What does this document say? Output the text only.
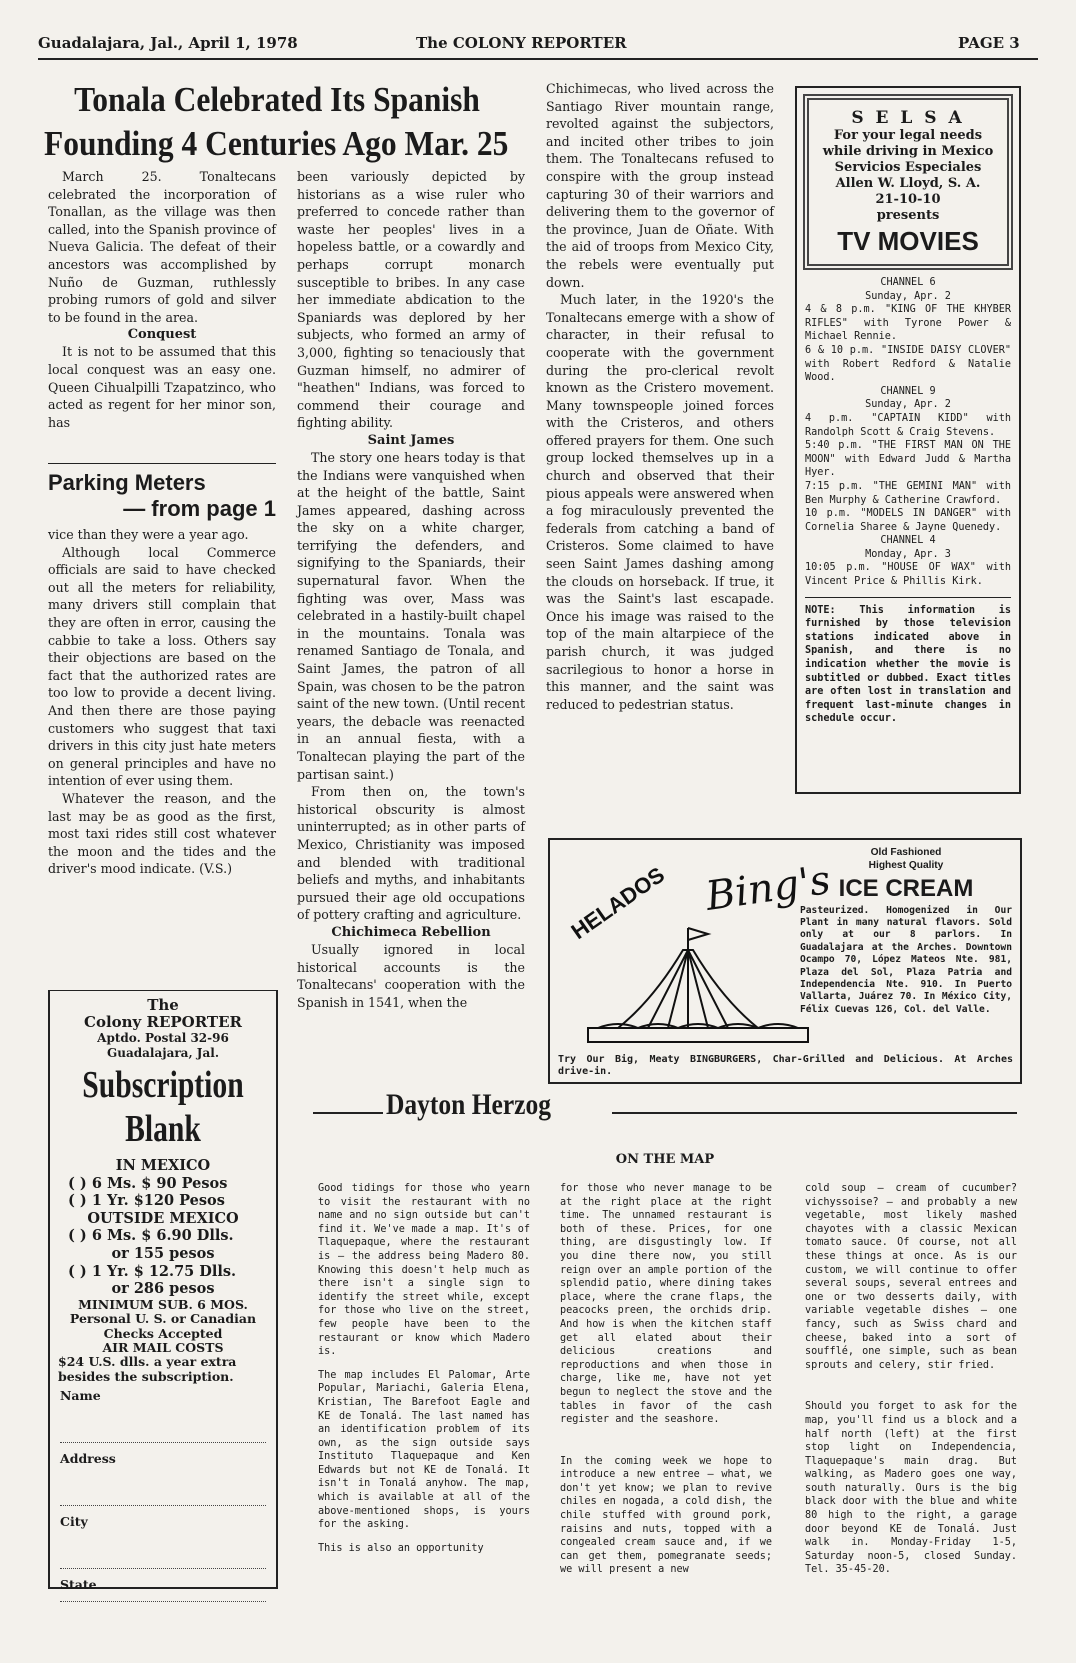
Guadalajara, Jal., April 1, 1978	The COLONY REPORTER	PAGE 3
Tonala Celebrated Its Spanish
Founding 4 Centuries Ago Mar. 25

March 25. Tonaltecans celebrated the incorporation of Tonallan, as the village was then called, into the Spanish province of Nueva Galicia. The defeat of their ancestors was accomplished by Nuño de Guzman, ruthlessly probing rumors of gold and silver to be found in the area.

Conquest

It is not to be assumed that this local conquest was an easy one. Queen Cihualpilli Tzapatzinco, who acted as regent for her minor son, has

Parking Meters

— from page 1

vice than they were a year ago.

Although local Commerce officials are said to have checked out all the meters for reliability, many drivers still complain that they are often in error, causing the cabbie to take a loss. Others say their objections are based on the fact that the authorized rates are too low to provide a decent living. And then there are those paying customers who suggest that taxi drivers in this city just hate meters on general principles and have no intention of ever using them.

Whatever the reason, and the last may be as good as the first, most taxi rides still cost whatever the moon and the tides and the driver's mood indicate. (V.S.)

The
Colony REPORTER
Aptdo. Postal 32-96
Guadalajara, Jal.
Subscription
Blank
IN MEXICO
( ) 6 Ms. $ 90 Pesos
( ) 1 Yr. $120 Pesos
OUTSIDE MEXICO
( ) 6 Ms. $ 6.90 Dlls.
or 155 pesos
( ) 1 Yr. $ 12.75 Dlls.
or 286 pesos
MINIMUM SUB. 6 MOS.
Personal U. S. or Canadian
Checks Accepted
AIR MAIL COSTS
$24 U.S. dlls. a year extra besides the subscription.
Name
Address
City
State

been variously depicted by historians as a wise ruler who preferred to concede rather than waste her peoples' lives in a hopeless battle, or a cowardly and perhaps corrupt monarch susceptible to bribes. In any case her immediate abdication to the Spaniards was deplored by her subjects, who formed an army of 3,000, fighting so tenaciously that Guzman himself, no admirer of "heathen" Indians, was forced to commend their courage and fighting ability.

Saint James

The story one hears today is that the Indians were vanquished when at the height of the battle, Saint James appeared, dashing across the sky on a white charger, terrifying the defenders, and signifying to the Spaniards, their supernatural favor. When the fighting was over, Mass was celebrated in a hastily-built chapel in the mountains. Tonala was renamed Santiago de Tonala, and Saint James, the patron of all Spain, was chosen to be the patron saint of the new town. (Until recent years, the debacle was reenacted in an annual fiesta, with a Tonaltecan playing the part of the partisan saint.)

From then on, the town's historical obscurity is almost uninterrupted; as in other parts of Mexico, Christianity was imposed and blended with traditional beliefs and myths, and inhabitants pursued their age old occupations of pottery crafting and agriculture.

Chichimeca Rebellion

Usually ignored in local historical accounts is the Tonaltecans' cooperation with the Spanish in 1541, when the

Chichimecas, who lived across the Santiago River mountain range, revolted against the subjectors, and incited other tribes to join them. The Tonaltecans refused to conspire with the group instead capturing 30 of their warriors and delivering them to the governor of the province, Juan de Oñate. With the aid of troops from Mexico City, the rebels were eventually put down.

Much later, in the 1920's the Tonaltecans emerge with a show of character, in their refusal to cooperate with the government during the pro-clerical revolt known as the Cristero movement. Many townspeople joined forces with the Cristeros, and others offered prayers for them. One such group locked themselves up in a church and observed that their pious appeals were answered when a fog miraculously prevented the federals from catching a band of Cristeros. Some claimed to have seen Saint James dashing among the clouds on horseback. If true, it was the Saint's last escapade. Once his image was raised to the top of the main altarpiece of the parish church, it was judged sacrilegious to honor a horse in this manner, and the saint was reduced to pedestrian status.

S E L S A
For your legal needs
while driving in Mexico
Servicios Especiales
Allen W. Lloyd, S. A.
21-10-10
presents
TV MOVIES

CHANNEL 6

Sunday, Apr. 2

4 & 8 p.m. "KING OF THE KHYBER RIFLES" with Tyrone Power & Michael Rennie.

6 & 10 p.m. "INSIDE DAISY CLOVER" with Robert Redford & Natalie Wood.

CHANNEL 9

Sunday, Apr. 2

4 p.m. "CAPTAIN KIDD" with Randolph Scott & Craig Stevens.

5:40 p.m. "THE FIRST MAN ON THE MOON" with Edward Judd & Martha Hyer.

7:15 p.m. "THE GEMINI MAN" with Ben Murphy & Catherine Crawford.

10 p.m. "MODELS IN DANGER" with Cornelia Sharee & Jayne Quenedy.

CHANNEL 4

Monday, Apr. 3

10:05 p.m. "HOUSE OF WAX" with Vincent Price & Phillis Kirk.

NOTE: This information is furnished by those television stations indicated above in Spanish, and there is no indication whether the movie is subtitled or dubbed. Exact titles are often lost in translation and frequent last-minute changes in schedule occur.

HELADOS Bing's

Old Fashioned

Highest Quality

ICE CREAM

Pasteurized. Homogenized in Our Plant in many natural flavors. Sold only at our 8 parlors. In Guadalajara at the Arches. Downtown Ocampo 70, López Mateos Nte. 981, Plaza del Sol, Plaza Patria and Independencia Nte. 910. In Puerto Vallarta, Juárez 70. In México City, Félix Cuevas 126, Col. del Valle.

Try Our Big, Meaty BINGBURGERS, Char-Grilled and Delicious. At Arches drive-in.

Dayton Herzog
ON THE MAP

Good tidings for those who yearn to visit the restaurant with no name and no sign outside but can't find it. We've made a map. It's of Tlaquepaque, where the restaurant is — the address being Madero 80. Knowing this doesn't help much as there isn't a single sign to identify the street while, except for those who live on the street, few people have been to the restaurant or know which Madero is.

The map includes El Palomar, Arte Popular, Mariachi, Galeria Elena, Kristian, The Barefoot Eagle and KE de Tonalá. The last named has an identification problem of its own, as the sign outside says Instituto Tlaquepaque and Ken Edwards but not KE de Tonalá. It isn't in Tonalá anyhow. The map, which is available at all of the above-mentioned shops, is yours for the asking.

This is also an opportunity

for those who never manage to be at the right place at the right time. The unnamed restaurant is both of these. Prices, for one thing, are disgustingly low. If you dine there now, you still reign over an ample portion of the splendid patio, where dining takes place, where the crane flaps, the peacocks preen, the orchids drip. And how is when the kitchen staff get all elated about their delicious creations and reproductions and when those in charge, like me, have not yet begun to neglect the stove and the tables in favor of the cash register and the seashore.

In the coming week we hope to introduce a new entree — what, we don't yet know; we plan to revive chiles en nogada, a cold dish, the chile stuffed with ground pork, raisins and nuts, topped with a congealed cream sauce and, if we can get them, pomegranate seeds; we will present a new

cold soup — cream of cucumber? vichyssoise? — and probably a new vegetable, most likely mashed chayotes with a classic Mexican tomato sauce. Of course, not all these things at once. As is our custom, we will continue to offer several soups, several entrees and one or two desserts daily, with variable vegetable dishes — one fancy, such as Swiss chard and cheese, baked into a sort of soufflé, one simple, such as bean sprouts and celery, stir fried.

Should you forget to ask for the map, you'll find us a block and a half north (left) at the first stop light on Independencia, Tlaquepaque's main drag. But walking, as Madero goes one way, south naturally. Ours is the big black door with the blue and white 80 high to the right, a garage door beyond KE de Tonalá. Just walk in. Monday-Friday 1-5, Saturday noon-5, closed Sunday. Tel. 35-45-20.
